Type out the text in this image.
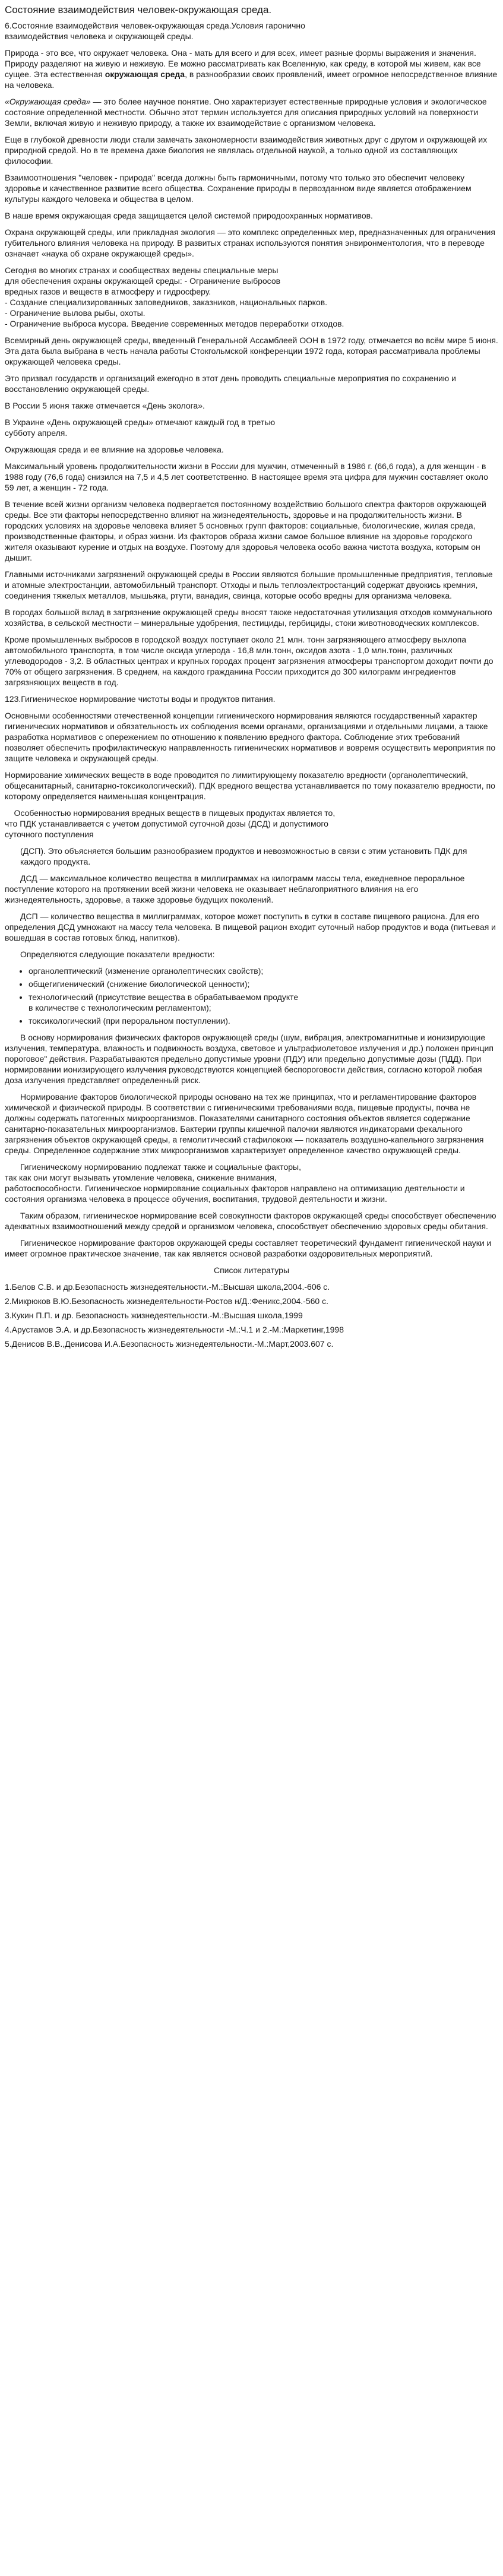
Состояние взаимодействия человек-окружающая среда.

6.Состояние взаимодействия человек-окружающая среда.Условия гаронично
взаимодействия человека и окружающей среды.

Природа - это все, что окружает человека. Она - мать для всего и для всех, имеет разные формы выражения и значения. Природу разделяют на живую и неживую. Ее можно рассматривать как Вселенную, как среду, в которой мы живем, как все сущее. Эта естественная окружающая среда, в разнообразии своих проявлений, имеет огромное непосредственное влияние на человека.

«Окружающая среда» — это более научное понятие. Оно характеризует естественные природные условия и экологическое состояние определенной местности. Обычно этот термин используется для описания природных условий на поверхности Земли, включая живую и неживую природу, а также их взаимодействие с организмом человека.

Еще в глубокой древности люди стали замечать закономерности взаимодействия животных друг с другом и окружающей их природной средой. Но в те времена даже биология не являлась отдельной наукой, а только одной из составляющих философии.

Взаимоотношения "человек - природа" всегда должны быть гармоничными, потому что только это обеспечит человеку здоровье и качественное развитие всего общества. Сохранение природы в первозданном виде является отображением культуры каждого человека и общества в целом.

В наше время окружающая среда защищается целой системой природоохранных нормативов.

Охрана окружающей среды, или прикладная экология — это комплекс определенных мер, предназначенных для ограничения губительного влияния человека на природу. В развитых странах используются понятия энвиронментология, что в переводе означает «наука об охране окружающей среды».

Сегодня во многих странах и сообществах ведены специальные меры
для обеспечения охраны окружающей среды: - Ограничение выбросов
вредных газов и веществ в атмосферу и гидросферу.
- Создание специализированных заповедников, заказников, национальных парков.
- Ограничение вылова рыбы, охоты.
- Ограничение выброса мусора. Введение современных методов переработки отходов.

Всемирный день окружающей среды, введенный Генеральной Ассамблеей ООН в 1972 году, отмечается во всём мире 5 июня. Эта дата была выбрана в честь начала работы Стокгольмской конференции 1972 года, которая рассматривала проблемы окружающей человека среды.

Это призвал государств и организаций ежегодно в этот день проводить специальные мероприятия по сохранению и восстановлению окружающей среды.

В России 5 июня также отмечается «День эколога».

В Украине «День окружающей среды» отмечают каждый год в третью
субботу апреля.

Окружающая среда и ее влияние на здоровье человека.

Максимальный уровень продолжительности жизни в России для мужчин, отмеченный в 1986 г. (66,6 года), а для женщин - в 1988 году (76,6 года) снизился на 7,5 и 4,5 лет соответственно. В настоящее время эта цифра для мужчин составляет около 59 лет, а женщин - 72 года.

В течение всей жизни организм человека подвергается постоянному воздействию большого спектра факторов окружающей среды. Все эти факторы непосредственно влияют на жизнедеятельность, здоровье и на продолжительность жизни. В городских условиях на здоровье человека влияет 5 основных групп факторов: социальные, биологические, жилая среда, производственные факторы, и образ жизни. Из факторов образа жизни самое большое влияние на здоровье городского жителя оказывают курение и отдых на воздухе. Поэтому для здоровья человека особо важна чистота воздуха, которым он дышит.

Главными источниками загрязнений окружающей среды в России являются большие промышленные предприятия, тепловые и атомные электростанции, автомобильный транспорт. Отходы и пыль теплоэлектростанций содержат двуокись кремния, соединения тяжелых металлов, мышьяка, ртути, ванадия, свинца, которые особо вредны для организма человека.

В городах большой вклад в загрязнение окружающей среды вносят также недостаточная утилизация отходов коммунального хозяйства, в сельской местности – минеральные удобрения, пестициды, гербициды, стоки животноводческих комплексов.

Кроме промышленных выбросов в городской воздух поступает около 21 млн. тонн загрязняющего атмосферу выхлопа автомобильного транспорта, в том числе оксида углерода - 16,8 млн.тонн, оксидов азота - 1,0 млн.тонн, различных углеводородов - 3,2. В областных центрах и крупных городах процент загрязнения атмосферы транспортом доходит почти до 70% от общего загрязнения. В среднем, на каждого гражданина России приходится до 300 килограмм ингредиентов загрязняющих веществ в год.

123.Гигиеническое нормирование чистоты воды и продуктов питания.

Основными особенностями отечественной концепции гигиенического нормирования являются государственный характер гигиенических нормативов и обязательность их соблюдения всеми органами, организациями и отдельными лицами, а также разработка нормативов с опережением по отношению к появлению вредного фактора. Соблюдение этих требований позволяет обеспечить профилактическую направленность гигиенических нормативов и вовремя осуществить мероприятия по защите человека и окружающей среды.

Нормирование химических веществ в воде проводится по лимитирующему показателю вредности (органолептический, общесанитарный, санитарно-токсикологический). ПДК вредного вещества устанавливается по тому показателю вредности, по которому определяется наименьшая концентрация.

Особенностью нормирования вредных веществ в пищевых продуктах является то,
что ПДК устанавливается с учетом допустимой суточной дозы (ДСД) и допустимого
суточного поступления

(ДСП). Это объясняется большим разнообразием продуктов и невозможностью в связи с этим установить ПДК для каждого продукта.

ДСД — максимальное количество вещества в миллиграммах на килограмм массы тела, ежедневное пероральное поступление которого на протяжении всей жизни человека не оказывает неблагоприятного влияния на его жизнедеятельность, здоровье, а также здоровье будущих поколений.

ДСП — количество вещества в миллиграммах, которое может поступить в сутки в составе пищевого рациона. Для его определения ДСД умножают на массу тела человека. В пищевой рацион входит суточный набор продуктов и вода (питьевая и вошедшая в состав готовых блюд, напитков).

Определяются следующие показатели вредности:

• органолептический (изменение органолептических свойств);
• общегигиенический (снижение биологической ценности);
• технологический (присутствие вещества в обрабатываемом продукте
в количестве с технологическим регламентом);
• токсикологический (при пероральном поступлении).

В основу нормирования физических факторов окружающей среды (шум, вибрация, электромагнитные и ионизирующие излучения, температура, влажность и подвижность воздуха, световое и ультрафиолетовое излучения и др.) положен принцип пороговое" действия. Разрабатываются предельно допустимые уровни (ПДУ) или предельно допустимые дозы (ПДД). При нормировании ионизирующего излучения руководствуются концепцией беспороговости действия, согласно которой любая доза излучения представляет определенный риск.

Нормирование факторов биологической природы основано на тех же принципах, что и регламентирование факторов химической и физической природы. В соответствии с гигиеническими требованиями вода, пищевые продукты, почва не должны содержать патогенных микроорганизмов. Показателями санитарного состояния объектов является содержание санитарно-показательных микроорганизмов. Бактерии группы кишечной палочки являются индикаторами фекального загрязнения объектов окружающей среды, а гемолитический стафилококк — показатель воздушно-капельного загрязнения среды. Определенное содержание этих микроорганизмов характеризует определенное качество окружающей среды.

Гигиеническому нормированию подлежат также и социальные факторы,
так как они могут вызывать утомление человека, снижение внимания,
работоспособности. Гигиеническое нормирование социальных факторов направлено на оптимизацию деятельности и состояния организма человека в процессе обучения, воспитания, трудовой деятельности и жизни.

Таким образом, гигиеническое нормирование всей совокупности факторов окружающей среды способствует обеспечению адекватных взаимоотношений между средой и организмом человека, способствует обеспечению здоровых среды обитания.

Гигиеническое нормирование факторов окружающей среды составляет теоретический фундамент гигиенической науки и имеет огромное практическое значение, так как является основой разработки оздоровительных мероприятий.

Список литературы

1.Белов С.В. и др.Безопасность жизнедеятельности.-М.:Высшая школа,2004.-606 с.

2.Микрюков В.Ю.Безопасность жизнедеятельности-Ростов н/Д.:Феникс,2004.-560 с.

3.Кукин П.П. и др. Безопасность жизнедеятельности.-М.:Высшая школа,1999

4.Арустамов Э.А. и др.Безопасность жизнедеятельности -М.:Ч.1 и 2.-М.:Маркетинг,1998

5.Денисов В.В.,Денисова И.А.Безопасность жизнедеятельности.-М.:Март,2003.607 с.
